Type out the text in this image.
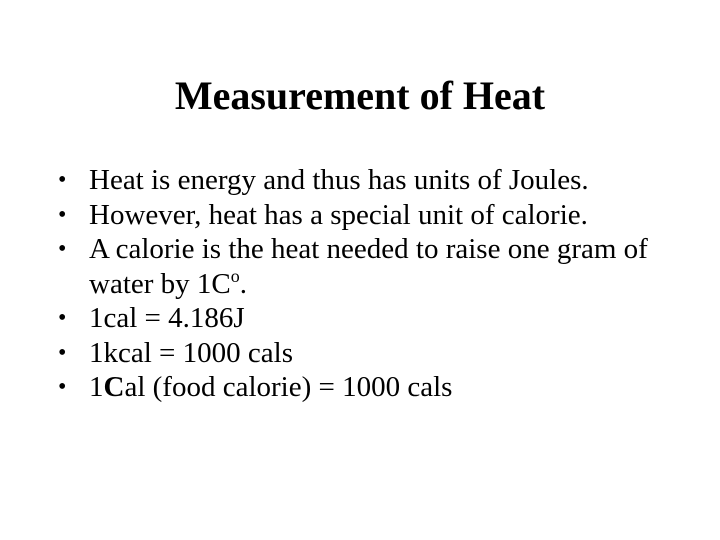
Measurement of Heat
• Heat is energy and thus has units of Joules.
• However, heat has a special unit of calorie.
• A calorie is the heat needed to raise one gram of water by $1C^o$.
• 1cal = 4.186J
• 1kcal = 1000 cals
• 1Cal (food calorie) = 1000 cals
